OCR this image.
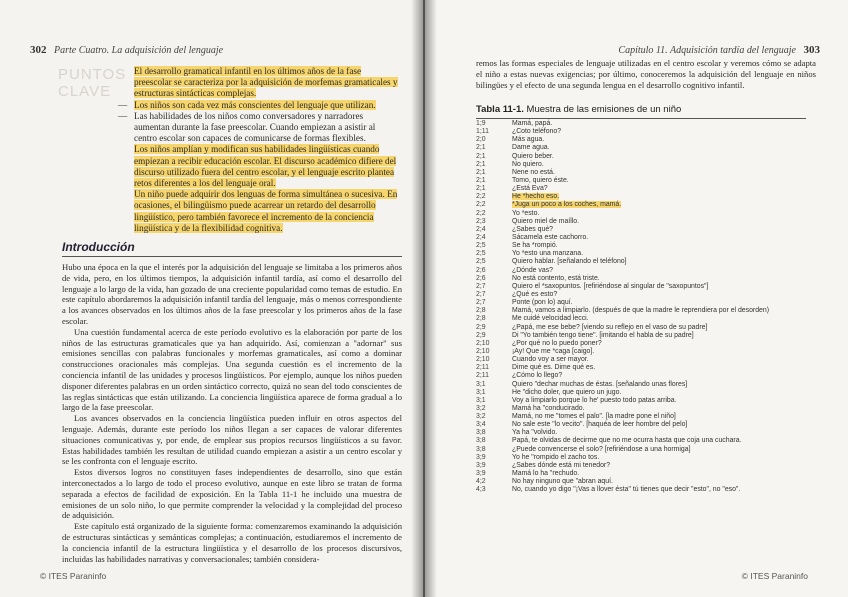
302 Parte Cuatro. La adquisición del lenguaje
PUNTOS
CLAVE

El desarrollo gramatical infantil en los últimos años de la fase preescolar se caracteriza por la adquisición de morfemas gramaticales y estructuras sintácticas complejas.

— Los niños son cada vez más conscientes del lenguaje que utilizan.

— Las habilidades de los niños como conversadores y narradores aumentan durante la fase preescolar. Cuando empiezan a asistir al centro escolar son capaces de comunicarse de formas flexibles.

Los niños amplían y modifican sus habilidades lingüísticas cuando empiezan a recibir educación escolar. El discurso académico difiere del discurso utilizado fuera del centro escolar, y el lenguaje escrito plantea retos diferentes a los del lenguaje oral.

Un niño puede adquirir dos lenguas de forma simultánea o sucesiva. En ocasiones, el bilingüismo puede acarrear un retardo del desarrollo lingüístico, pero también favorece el incremento de la conciencia lingüística y de la flexibilidad cognitiva.

Introducción

Hubo una época en la que el interés por la adquisición del lenguaje se limitaba a los primeros años de vida, pero, en los últimos tiempos, la adquisición infantil tardía, así como el desarrollo del lenguaje a lo largo de la vida, han gozado de una creciente popularidad como temas de estudio. En este capítulo abordaremos la adquisición infantil tardía del lenguaje, más o menos correspondiente a los avances observados en los últimos años de la fase preescolar y los primeros años de la fase escolar.

Una cuestión fundamental acerca de este período evolutivo es la elaboración por parte de los niños de las estructuras gramaticales que ya han adquirido. Así, comienzan a "adornar" sus emisiones sencillas con palabras funcionales y morfemas gramaticales, así como a dominar construcciones oracionales más complejas. Una segunda cuestión es el incremento de la conciencia infantil de las unidades y procesos lingüísticos. Por ejemplo, aunque los niños pueden disponer diferentes palabras en un orden sintáctico correcto, quizá no sean del todo conscientes de las reglas sintácticas que están utilizando. La conciencia lingüística aparece de forma gradual a lo largo de la fase preescolar.

Los avances observados en la conciencia lingüística pueden influir en otros aspectos del lenguaje. Además, durante este período los niños llegan a ser capaces de valorar diferentes situaciones comunicativas y, por ende, de emplear sus propios recursos lingüísticos a su favor. Estas habilidades también les resultan de utilidad cuando empiezan a asistir a un centro escolar y se les confronta con el lenguaje escrito.

Estos diversos logros no constituyen fases independientes de desarrollo, sino que están interconectados a lo largo de todo el proceso evolutivo, aunque en este libro se tratan de forma separada a efectos de facilidad de exposición. En la Tabla 11-1 he incluido una muestra de emisiones de un solo niño, lo que permite comprender la velocidad y la complejidad del proceso de adquisición.

Este capítulo está organizado de la siguiente forma: comenzaremos examinando la adquisición de estructuras sintácticas y semánticas complejas; a continuación, estudiaremos el incremento de la conciencia infantil de la estructura lingüística y el desarrollo de los procesos discursivos, incluidas las habilidades narrativas y conversacionales; también considera-

© ITES Paraninfo
Capítulo 11. Adquisición tardía del lenguaje 303

remos las formas especiales de lenguaje utilizadas en el centro escolar y veremos cómo se adapta el niño a estas nuevas exigencias; por último, conoceremos la adquisición del lenguaje en niños bilingües y el efecto de una segunda lengua en el desarrollo cognitivo infantil.

Tabla 11-1. Muestra de las emisiones de un niño
1;9	Mamá, papá.
1;11	¿Coto teléfono?
2;0	Más agua.
2;1	Dame agua.
2;1	Quiero beber.
2;1	No quiero.
2;1	Nene no está.
2;1	Tomo, quiero éste.
2;1	¿Está Eva?
2;2	He *hecho eso.
2;2	*Juga un poco a los coches, mamá.
2;2	Yo *esto.
2;3	Quiero miel de maíllo.
2;4	¿Sabes qué?
2;4	Sácamela este cachorro.
2;5	Se ha *rompió.
2;5	Yo *esto una manzana.
2;5	Quiero hablar. [señalando el teléfono]
2;6	¿Dónde vas?
2;6	No está contento, está triste.
2;7	Quiero el *saxopuntos. [refiriéndose al singular de "saxopuntos"]
2;7	¿Qué es esto?
2;7	Ponte (pon lo) aquí.
2;8	Mamá, vamos a limpiarlo. (después de que la madre le reprendiera por el desorden)
2;8	Me cuidé velocidad lecci.
2;9	¿Papá, me ese bebe? [viendo su reflejo en el vaso de su padre]
2;9	Di "Yo también tengo tiene". [imitando el habla de su padre]
2;10	¿Por qué no lo puedo poner?
2;10	¡Ay! Que me *caga [caigo].
2;10	Cuando voy a ser mayor.
2;11	Dime qué es. Dime qué es.
2;11	¿Cómo lo llego?
3;1	Quiero "dechar muchas de éstas. [señalando unas flores]
3;1	He "dicho doler, que quiero un jugo.
3;1	Voy a limpiarlo porque lo he' puesto todo patas arriba.
3;2	Mamá ha "conducirado.
3;2	Mamá, no me "tomes el palo". [la madre pone el niño]
3;4	No sale este "lo vecito". [haquéa de leer hombre del pelo]
3;8	Ya ha "volvido.
3;8	Papá, te olvidas de decirme que no me ocurra hasta que coja una cuchara.
3;8	¿Puede convencerse el solo? [refiriéndose a una hormiga]
3;9	Yo he "rompido el zacho tos.
3;9	¿Sabes dónde está mi tenedor?
3;9	Mamá lo ha "rechudo.
4;2	No hay ninguno que "abran aquí.
4;3	No, cuando yo digo "¡Vas a llover ésta" tú tienes que decir "esto", no "eso".
© ITES Paraninfo
